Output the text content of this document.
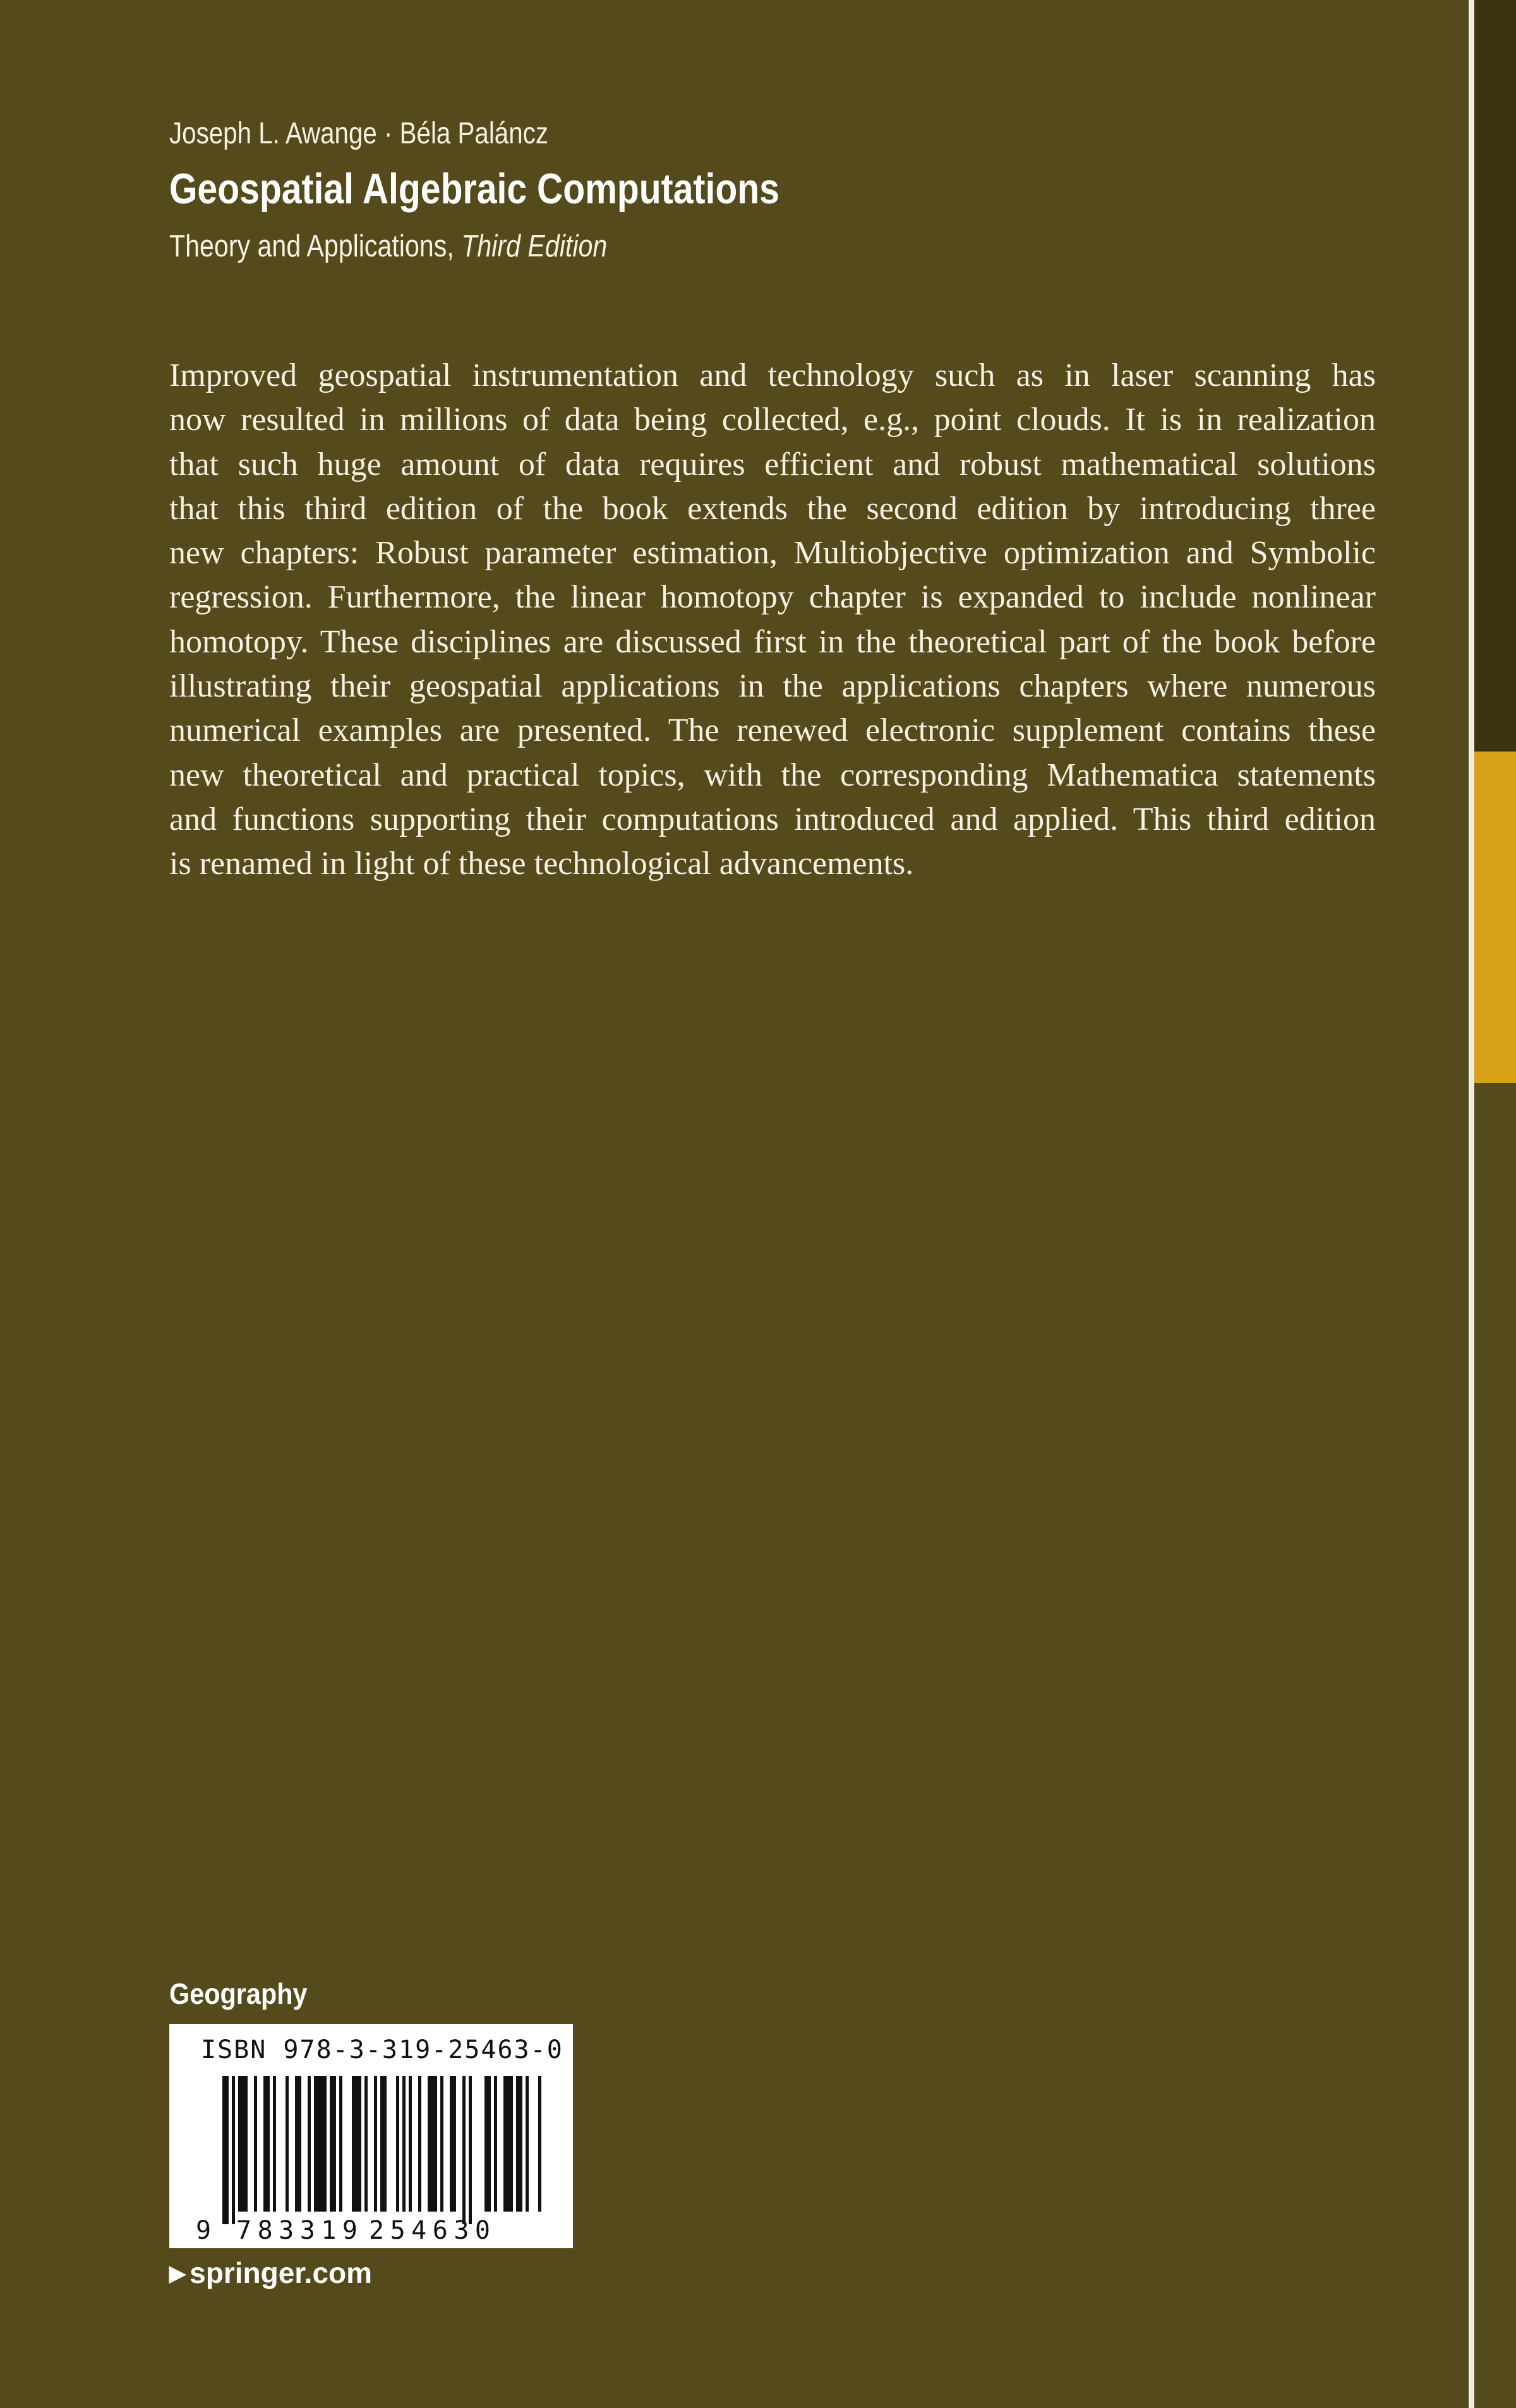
Joseph L. Awange · Béla Paláncz
Geospatial Algebraic Computations
Theory and Applications, Third Edition

Improved geospatial instrumentation and technology such as in laser scanning has
now resulted in millions of data being collected, e.g., point clouds. It is in realization
that such huge amount of data requires efficient and robust mathematical solutions
that this third edition of the book extends the second edition by introducing three
new chapters: Robust parameter estimation, Multiobjective optimization and Symbolic
regression. Furthermore, the linear homotopy chapter is expanded to include nonlinear
homotopy. These disciplines are discussed first in the theoretical part of the book before
illustrating their geospatial applications in the applications chapters where numerous
numerical examples are presented. The renewed electronic supplement contains these
new theoretical and practical topics, with the corresponding Mathematica statements
and functions supporting their computations introduced and applied. This third edition
is renamed in light of these technological advancements.

Geography
ISBN 978-3-319-25463-0
9 783319 254630
▶ springer.com
